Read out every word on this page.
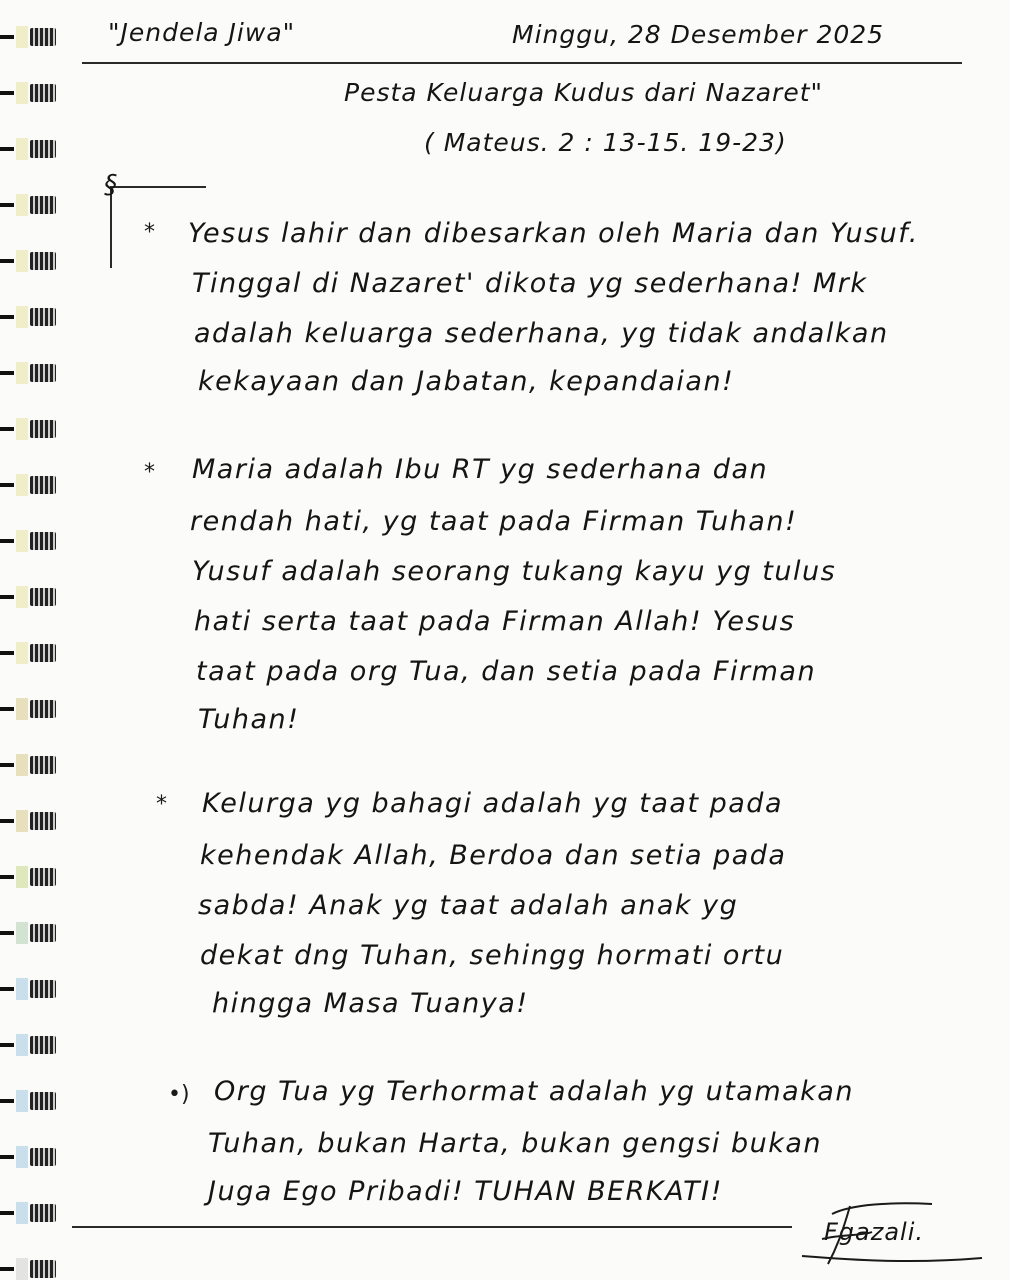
"Jendela Jiwa"	Minggu, 28 Desember 2025
Pesta Keluarga Kudus dari Nazaret"
( Mateus. 2 : 13-15. 19-23)
§
* Yesus lahir dan dibesarkan oleh Maria dan Yusuf.
Tinggal di Nazaret' dikota yg sederhana! Mrk
adalah keluarga sederhana, yg tidak andalkan
kekayaan dan Jabatan, kepandaian!
* Maria adalah Ibu RT yg sederhana dan
rendah hati, yg taat pada Firman Tuhan!
Yusuf adalah seorang tukang kayu yg tulus
hati serta taat pada Firman Allah! Yesus
taat pada org Tua, dan setia pada Firman
Tuhan!
* Kelurga yg bahagi adalah yg taat pada
kehendak Allah, Berdoa dan setia pada
sabda! Anak yg taat adalah anak yg
dekat dng Tuhan, sehingg hormati ortu
hingga Masa Tuanya!
•) Org Tua yg Terhormat adalah yg utamakan
Tuhan, bukan Harta, bukan gengsi bukan
Juga Ego Pribadi! TUHAN BERKATI!
Fgazali.
